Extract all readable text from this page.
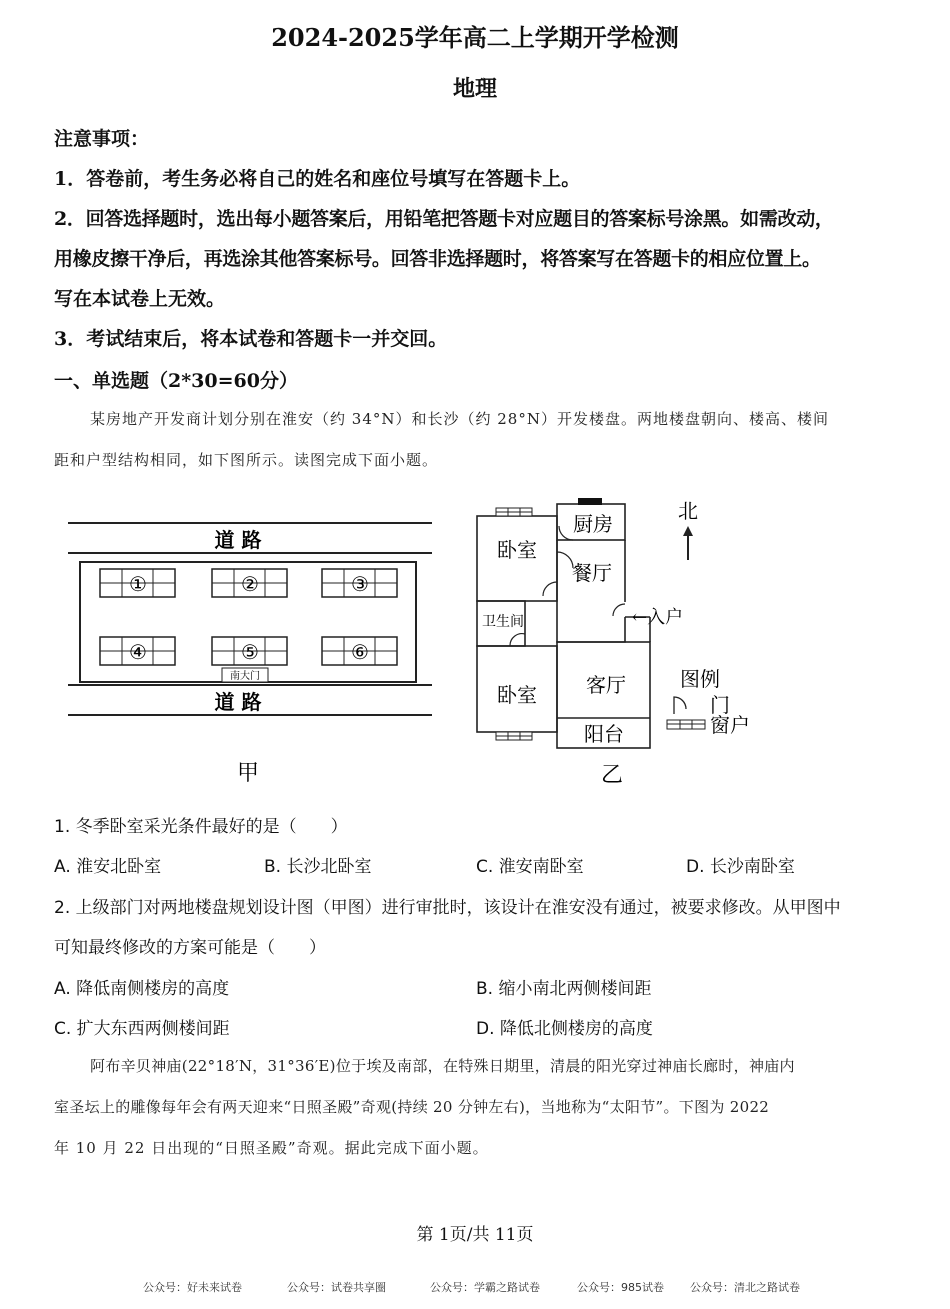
2024-2025学年高二上学期开学检测
地理
注意事项：
1．答卷前，考生务必将自己的姓名和座位号填写在答题卡上。
2．回答选择题时，选出每小题答案后，用铅笔把答题卡对应题目的答案标号涂黑。如需改动，
用橡皮擦干净后，再选涂其他答案标号。回答非选择题时，将答案写在答题卡的相应位置上。
写在本试卷上无效。
3．考试结束后，将本试卷和答题卡一并交回。
一、单选题（2*30=60分）
某房地产开发商计划分别在淮安（约 34°N）和长沙（约 28°N）开发楼盘。两地楼盘朝向、楼高、楼间
距和户型结构相同，如下图所示。读图完成下面小题。
道 路
①	②	③
④	⑤	⑥
南大门
道 路
甲
卧室
厨房
餐厅
卫生间	←入户
卧室 客厅
阳台
北
图例
门
窗户
乙
1. 冬季卧室采光条件最好的是（　　）
A. 淮安北卧室	B. 长沙北卧室	C. 淮安南卧室	D. 长沙南卧室
2. 上级部门对两地楼盘规划设计图（甲图）进行审批时，该设计在淮安没有通过，被要求修改。从甲图中
可知最终修改的方案可能是（　　）
A. 降低南侧楼房的高度	B. 缩小南北两侧楼间距
C. 扩大东西两侧楼间距	D. 降低北侧楼房的高度
阿布辛贝神庙(22°18′N，31°36′E)位于埃及南部，在特殊日期里，清晨的阳光穿过神庙长廊时，神庙内
室圣坛上的雕像每年会有两天迎来“日照圣殿”奇观(持续 20 分钟左右)，当地称为“太阳节”。下图为 2022
年 10 月 22 日出现的“日照圣殿”奇观。据此完成下面小题。
第 1页/共 11页
公众号：好未来试卷	公众号：试卷共享圈	公众号：学霸之路试卷	公众号：985试卷 公众号：清北之路试卷
